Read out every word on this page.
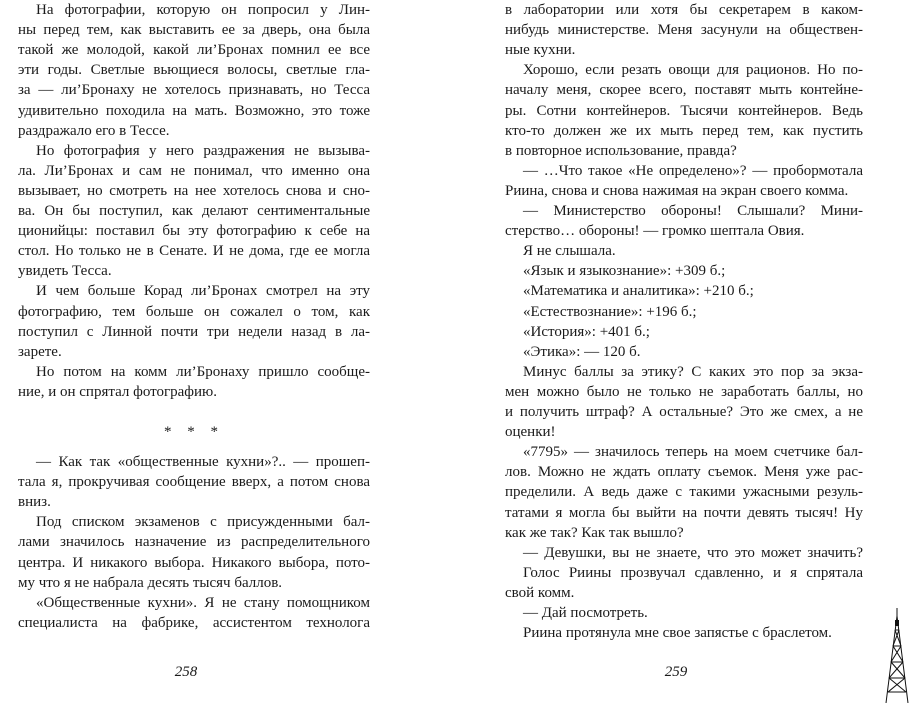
На фотографии, которую он попросил у Лин-
ны перед тем, как выставить ее за дверь, она была
такой же молодой, какой ли’Бронах помнил ее все
эти годы. Светлые вьющиеся волосы, светлые гла-
за — ли’Бронаху не хотелось признавать, но Тесса
удивительно походила на мать. Возможно, это тоже
раздражало его в Тессе.
Но фотография у него раздражения не вызыва-
ла. Ли’Бронах и сам не понимал, что именно она
вызывает, но смотреть на нее хотелось снова и сно-
ва. Он бы поступил, как делают сентиментальные
ционийцы: поставил бы эту фотографию к себе на
стол. Но только не в Сенате. И не дома, где ее могла
увидеть Тесса.
И чем больше Корад ли’Бронах смотрел на эту
фотографию, тем больше он сожалел о том, как
поступил с Линной почти три недели назад в ла-
зарете.
Но потом на комм ли’Бронаху пришло сообще-
ние, и он спрятал фотографию.
* * *
— Как так «общественные кухни»?.. — прошеп-
тала я, прокручивая сообщение вверх, а потом снова
вниз.
Под списком экзаменов с присужденными бал-
лами значилось назначение из распределительного
центра. И никакого выбора. Никакого выбора, пото-
му что я не набрала десять тысяч баллов.
«Общественные кухни». Я не стану помощником
специалиста на фабрике, ассистентом технолога
258
в лаборатории или хотя бы секретарем в каком-
нибудь министерстве. Меня засунули на обществен-
ные кухни.
Хорошо, если резать овощи для рационов. Но по-
началу меня, скорее всего, поставят мыть контейне-
ры. Сотни контейнеров. Тысячи контейнеров. Ведь
кто-то должен же их мыть перед тем, как пустить
в повторное использование, правда?
— …Что такое «Не определено»? — пробормотала
Риина, снова и снова нажимая на экран своего комма.
— Министерство обороны! Слышали? Мини-
стерство… обороны! — громко шептала Овия.
Я не слышала.
«Язык и языкознание»: +309 б.;
«Математика и аналитика»: +210 б.;
«Естествознание»: +196 б.;
«История»: +401 б.;
«Этика»: — 120 б.
Минус баллы за этику? С каких это пор за экза-
мен можно было не только не заработать баллы, но
и получить штраф? А остальные? Это же смех, а не
оценки!
«7795» — значилось теперь на моем счетчике бал-
лов. Можно не ждать оплату съемок. Меня уже рас-
пределили. А ведь даже с такими ужасными резуль-
татами я могла бы выйти на почти девять тысяч! Ну
как же так? Как так вышло?
— Девушки, вы не знаете, что это может значить?
Голос Риины прозвучал сдавленно, и я спрятала
свой комм.
— Дай посмотреть.
Риина протянула мне свое запястье с браслетом.
259
